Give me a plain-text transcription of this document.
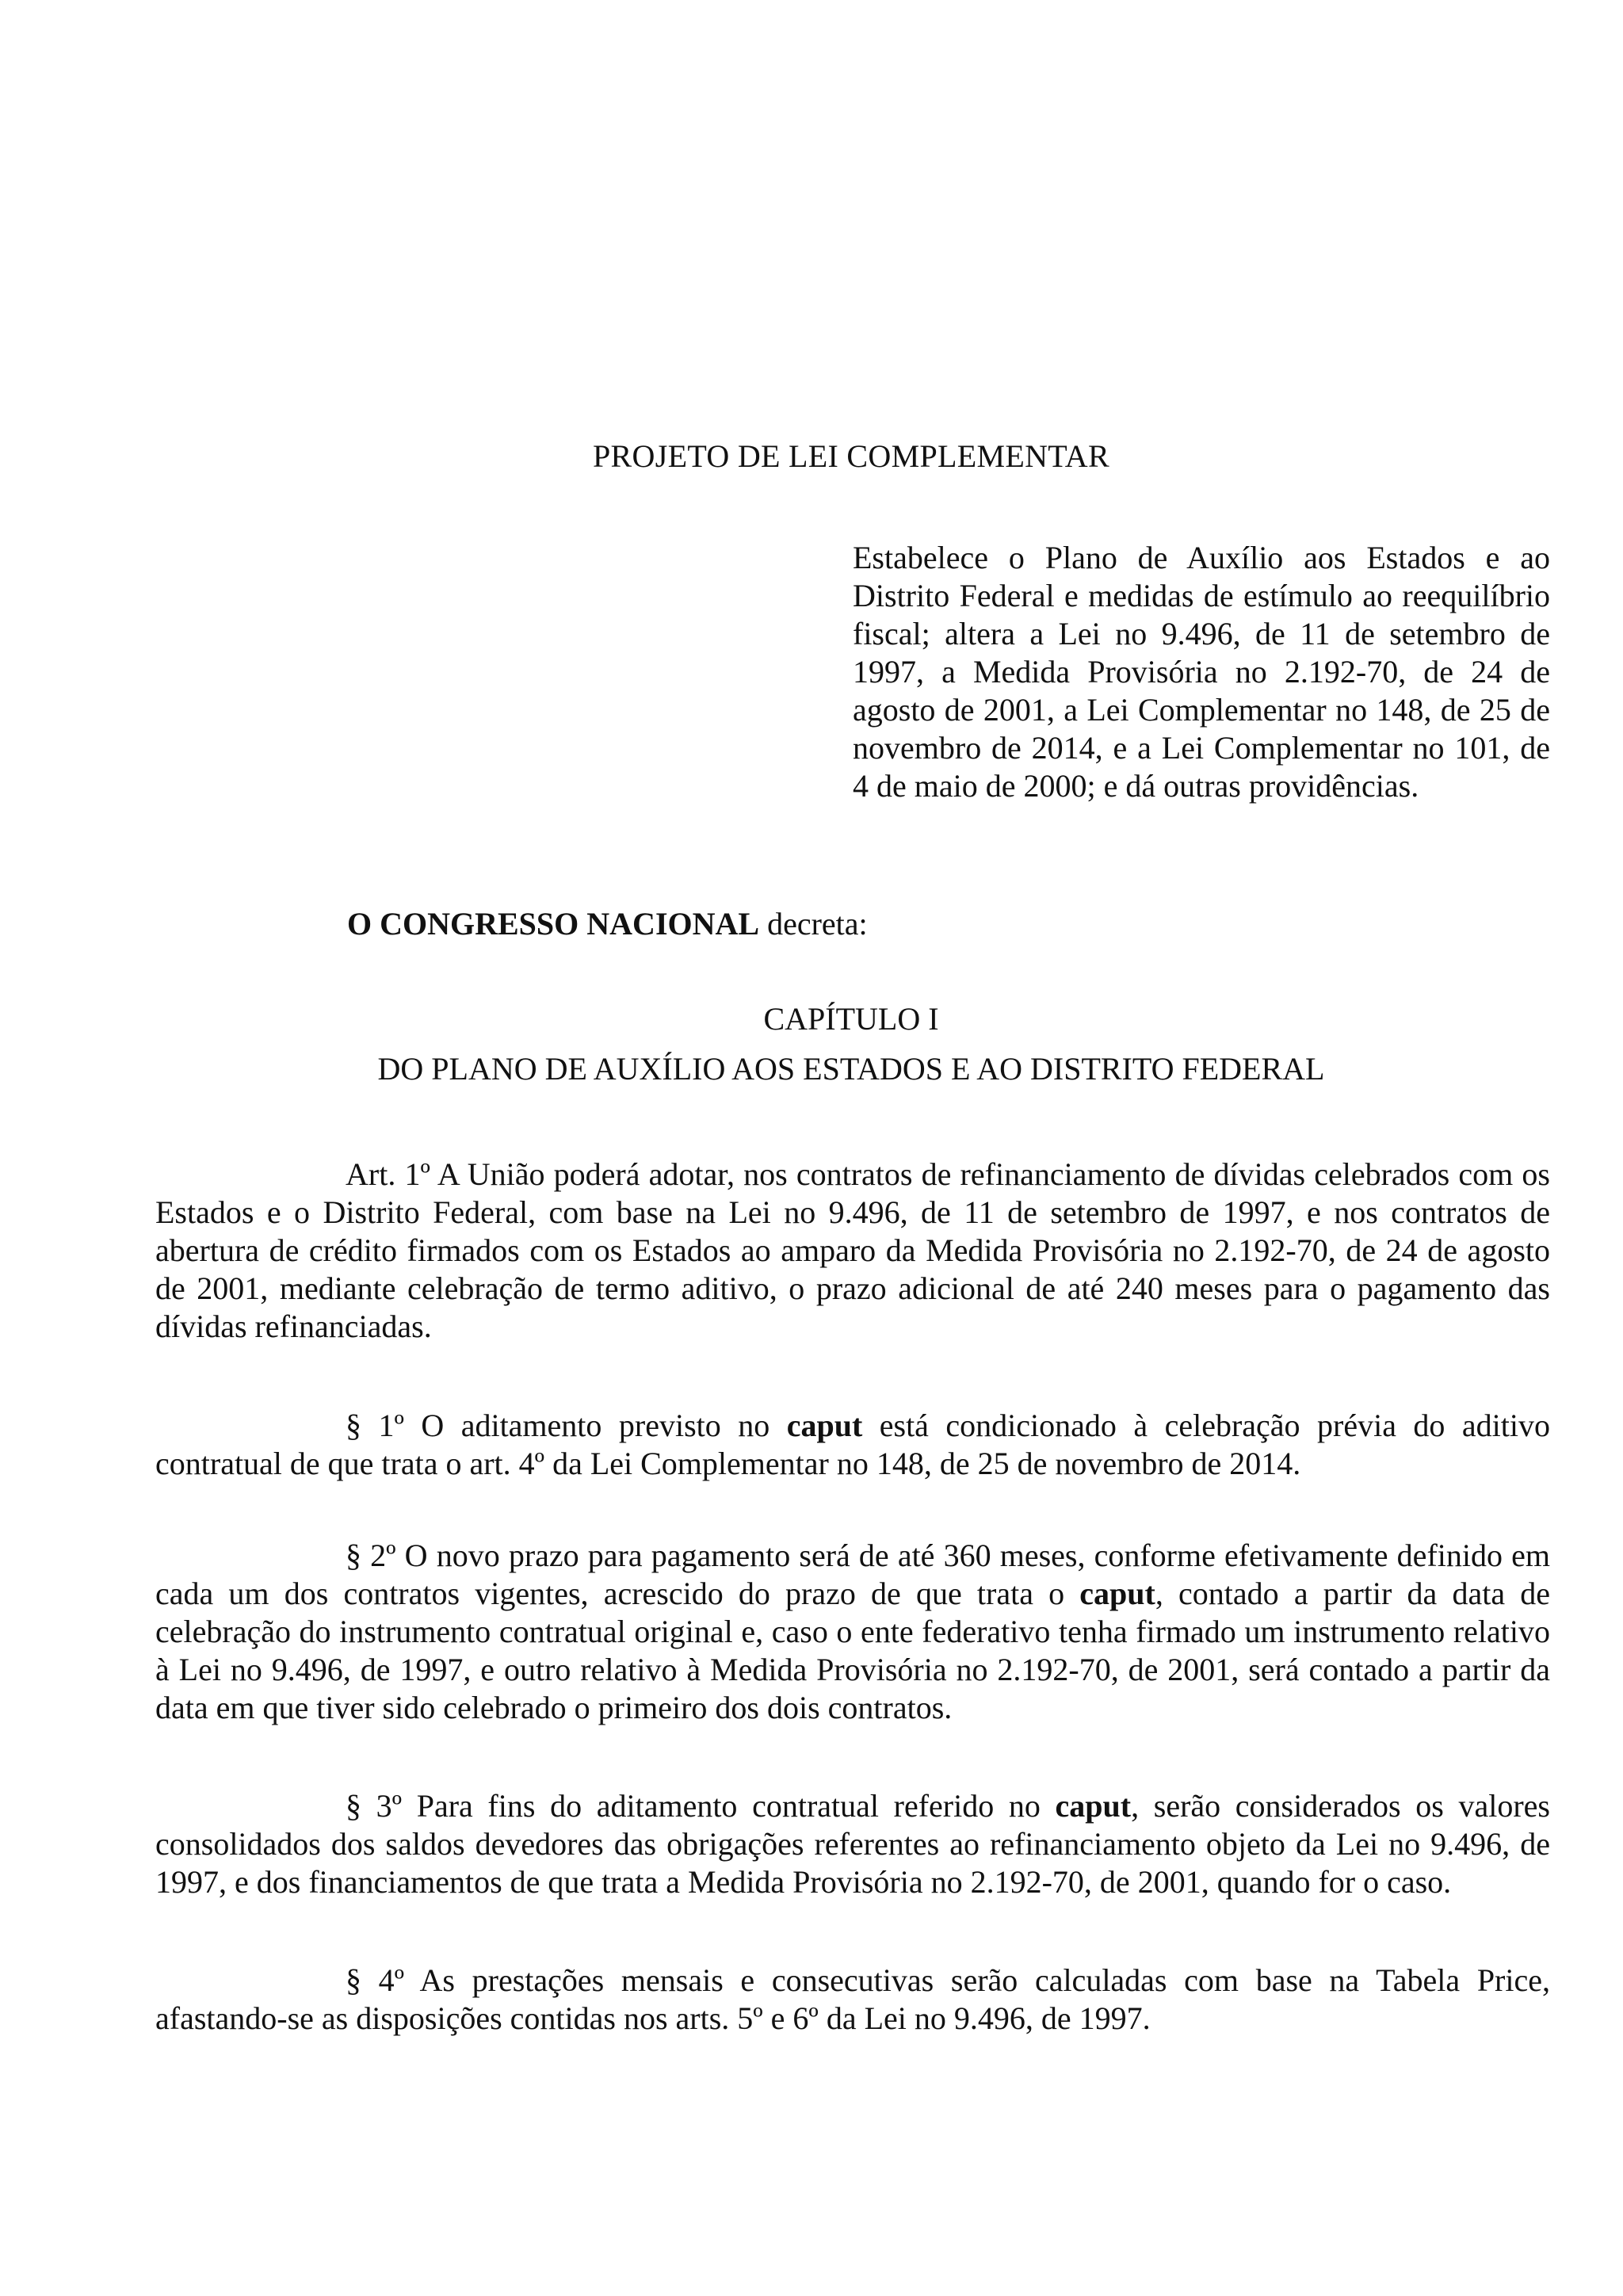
PROJETO DE LEI COMPLEMENTAR

Estabelece o Plano de Auxílio aos Estados e ao Distrito Federal e medidas de estímulo ao reequilíbrio fiscal; altera a Lei no 9.496, de 11 de setembro de 1997, a Medida Provisória no 2.192-70, de 24 de agosto de 2001, a Lei Complementar no 148, de 25 de novembro de 2014, e a Lei Complementar no 101, de 4 de maio de 2000; e dá outras providências.

O CONGRESSO NACIONAL decreta:

CAPÍTULO I

DO PLANO DE AUXÍLIO AOS ESTADOS E AO DISTRITO FEDERAL

Art. 1º A União poderá adotar, nos contratos de refinanciamento de dívidas celebrados com os Estados e o Distrito Federal, com base na Lei no 9.496, de 11 de setembro de 1997, e nos contratos de abertura de crédito firmados com os Estados ao amparo da Medida Provisória no 2.192-70, de 24 de agosto de 2001, mediante celebração de termo aditivo, o prazo adicional de até 240 meses para o pagamento das dívidas refinanciadas.

§ 1º O aditamento previsto no caput está condicionado à celebração prévia do aditivo contratual de que trata o art. 4º da Lei Complementar no 148, de 25 de novembro de 2014.

§ 2º O novo prazo para pagamento será de até 360 meses, conforme efetivamente definido em cada um dos contratos vigentes, acrescido do prazo de que trata o caput, contado a partir da data de celebração do instrumento contratual original e, caso o ente federativo tenha firmado um instrumento relativo à Lei no 9.496, de 1997, e outro relativo à Medida Provisória no 2.192-70, de 2001, será contado a partir da data em que tiver sido celebrado o primeiro dos dois contratos.

§ 3º Para fins do aditamento contratual referido no caput, serão considerados os valores consolidados dos saldos devedores das obrigações referentes ao refinanciamento objeto da Lei no 9.496, de 1997, e dos financiamentos de que trata a Medida Provisória no 2.192-70, de 2001, quando for o caso.

§ 4º As prestações mensais e consecutivas serão calculadas com base na Tabela Price, afastando-se as disposições contidas nos arts. 5º e 6º da Lei no 9.496, de 1997.
